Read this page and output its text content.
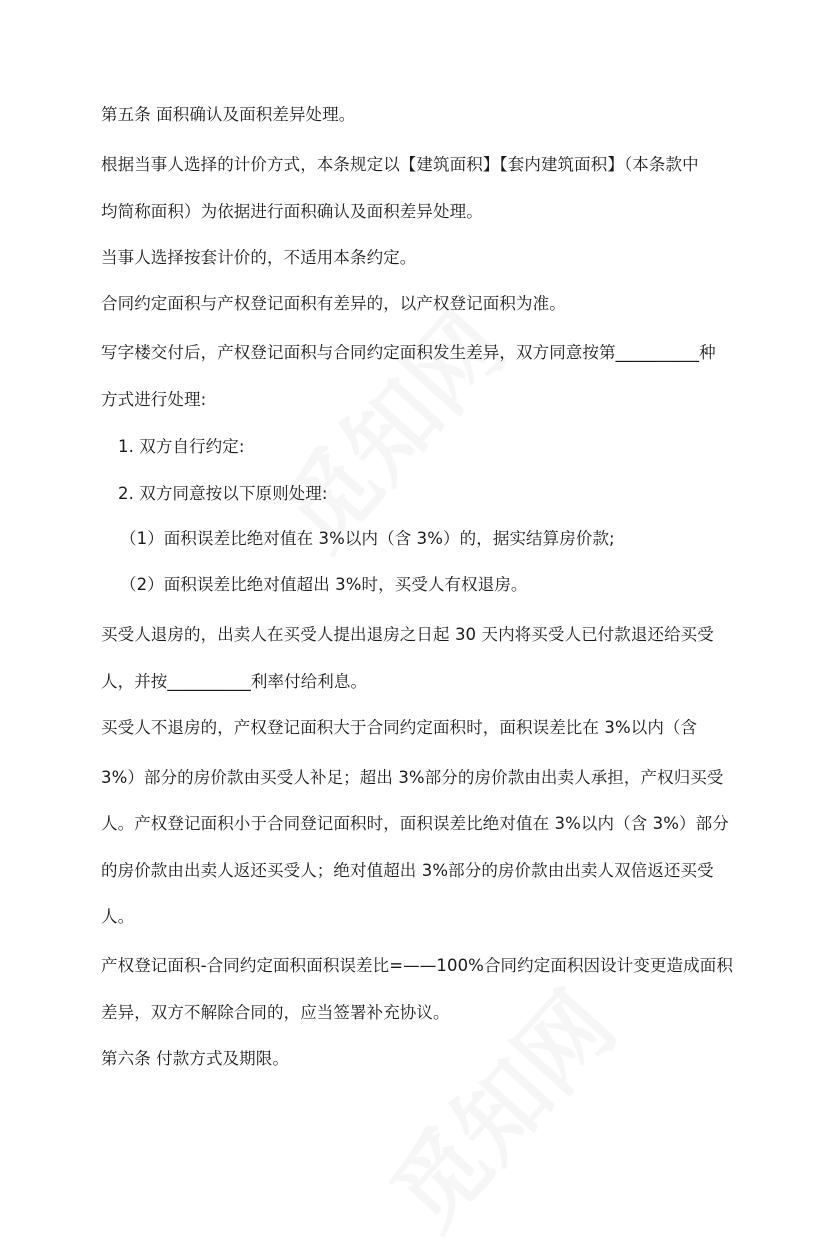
第五条 面积确认及面积差异处理。
根据当事人选择的计价方式，本条规定以【建筑面积】【套内建筑面积】（本条款中
均简称面积）为依据进行面积确认及面积差异处理。
当事人选择按套计价的，不适用本条约定。
合同约定面积与产权登记面积有差异的，以产权登记面积为准。
写字楼交付后，产权登记面积与合同约定面积发生差异，双方同意按第__________种
方式进行处理:
1. 双方自行约定:
2. 双方同意按以下原则处理:
（1）面积误差比绝对值在 3%以内（含 3%）的，据实结算房价款;
（2）面积误差比绝对值超出 3%时，买受人有权退房。
买受人退房的，出卖人在买受人提出退房之日起 30 天内将买受人已付款退还给买受
人，并按__________利率付给利息。
买受人不退房的，产权登记面积大于合同约定面积时，面积误差比在 3%以内（含
3%）部分的房价款由买受人补足；超出 3%部分的房价款由出卖人承担，产权归买受
人。产权登记面积小于合同登记面积时，面积误差比绝对值在 3%以内（含 3%）部分
的房价款由出卖人返还买受人；绝对值超出 3%部分的房价款由出卖人双倍返还买受
人。
产权登记面积-合同约定面积面积误差比=——100%合同约定面积因设计变更造成面积
差异，双方不解除合同的，应当签署补充协议。
第六条 付款方式及期限。
